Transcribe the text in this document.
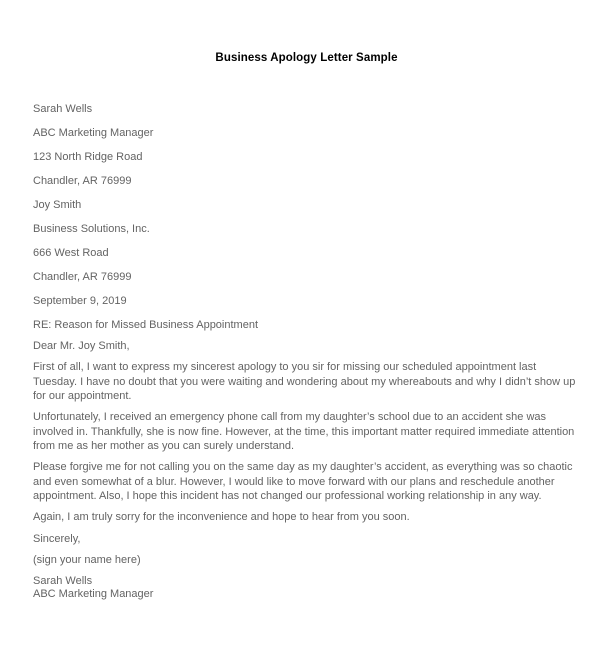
Business Apology Letter Sample

Sarah Wells

ABC Marketing Manager

123 North Ridge Road

Chandler, AR 76999

Joy Smith

Business Solutions, Inc.

666 West Road

Chandler, AR 76999

September 9, 2019

RE: Reason for Missed Business Appointment

Dear Mr. Joy Smith,

First of all, I want to express my sincerest apology to you sir for missing our scheduled appointment last Tuesday. I have no doubt that you were waiting and wondering about my whereabouts and why I didn’t show up for our appointment.

Unfortunately, I received an emergency phone call from my daughter’s school due to an accident she was involved in. Thankfully, she is now fine. However, at the time, this important matter required immediate attention from me as her mother as you can surely understand.

Please forgive me for not calling you on the same day as my daughter’s accident, as everything was so chaotic and even somewhat of a blur. However, I would like to move forward with our plans and reschedule another appointment. Also, I hope this incident has not changed our professional working relationship in any way.

Again, I am truly sorry for the inconvenience and hope to hear from you soon.

Sincerely,

(sign your name here)

Sarah Wells
ABC Marketing Manager
